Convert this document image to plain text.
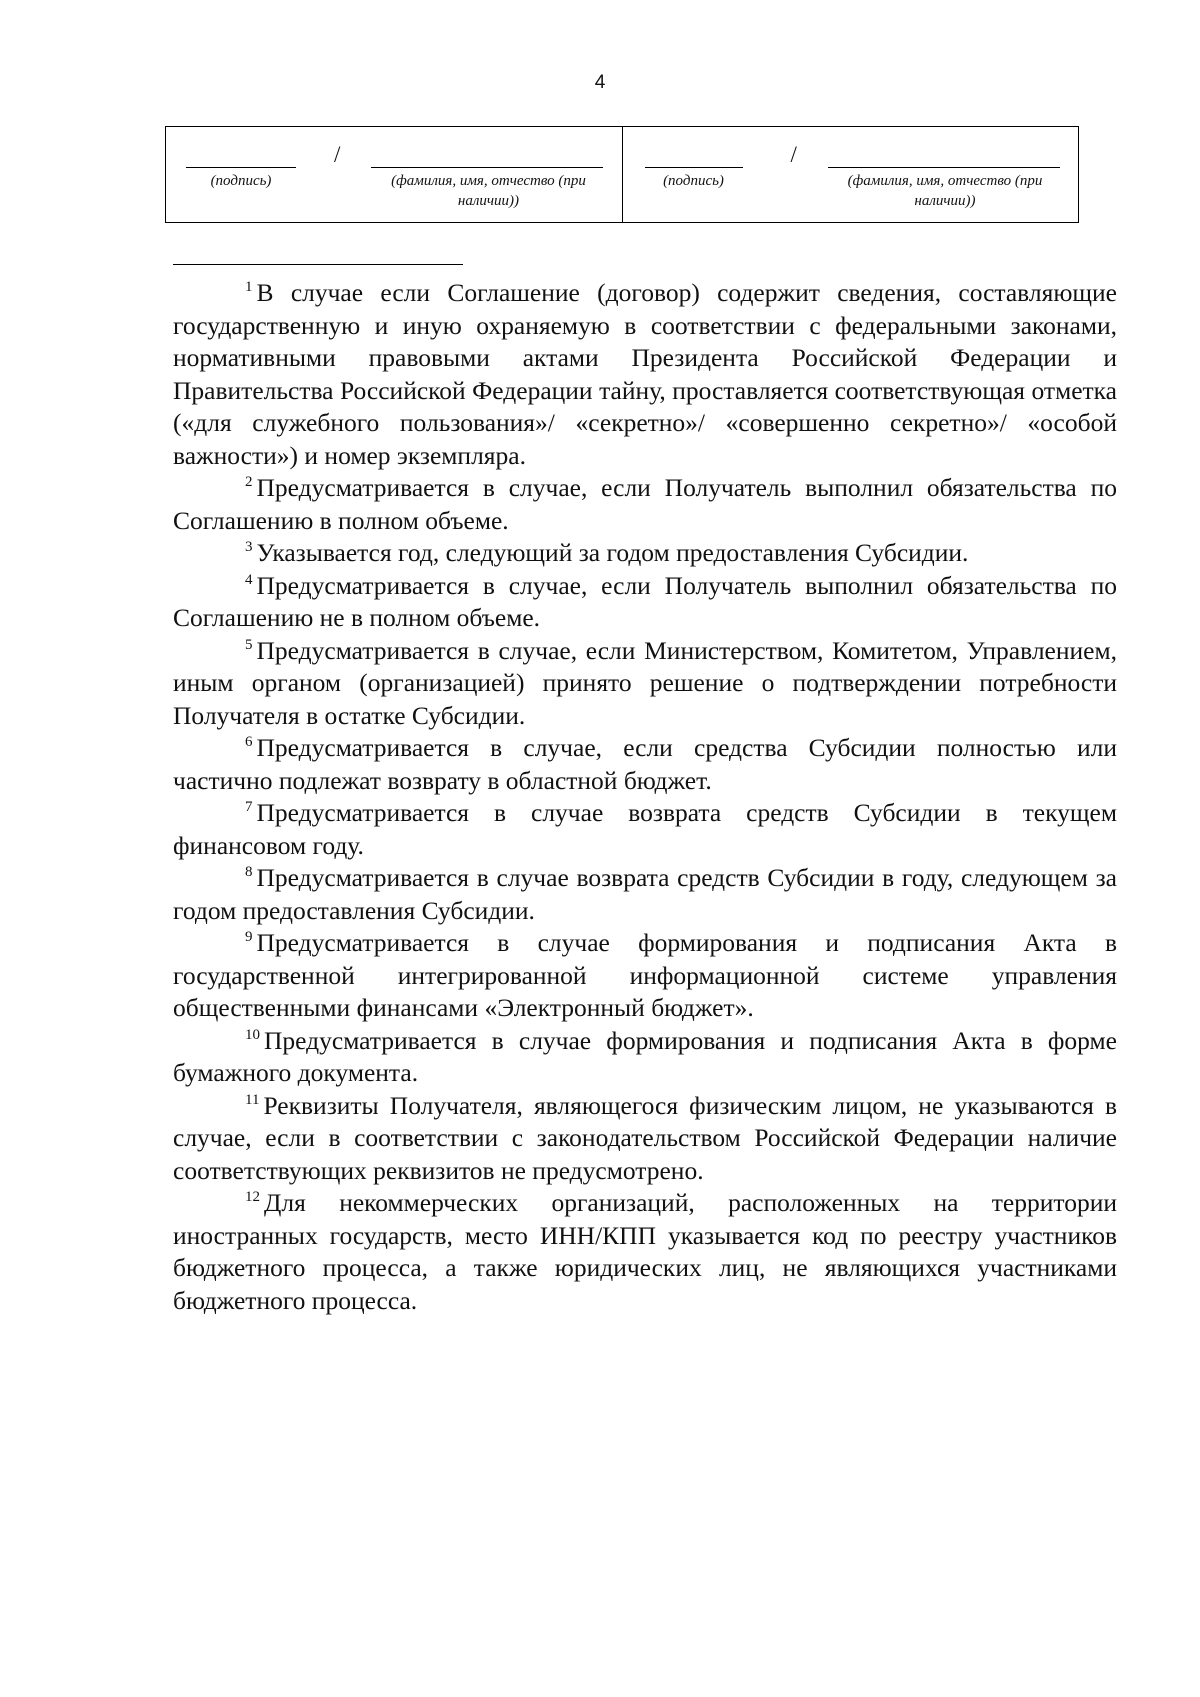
4
/
(подпись)	(фамилия, имя, отчество (при наличии))
/
(подпись)	(фамилия, имя, отчество (при наличии))

$^1$ В случае если Соглашение (договор) содержит сведения, составляющие государственную и иную охраняемую в соответствии с федеральными законами, нормативными правовыми актами Президента Российской Федерации и Правительства Российской Федерации тайну, проставляется соответствующая отметка («для служебного пользования»/ «секретно»/ «совершенно секретно»/ «особой важности») и номер экземпляра.

$^2$ Предусматривается в случае, если Получатель выполнил обязательства по Соглашению в полном объеме.

$^3$ Указывается год, следующий за годом предоставления Субсидии.

$^4$ Предусматривается в случае, если Получатель выполнил обязательства по Соглашению не в полном объеме.

$^5$ Предусматривается в случае, если Министерством, Комитетом, Управлением, иным органом (организацией) принято решение о подтверждении потребности Получателя в остатке Субсидии.

$^6$ Предусматривается в случае, если средства Субсидии полностью или частично подлежат возврату в областной бюджет.

$^7$ Предусматривается в случае возврата средств Субсидии в текущем финансовом году.

$^8$ Предусматривается в случае возврата средств Субсидии в году, следующем за годом предоставления Субсидии.

$^9$ Предусматривается в случае формирования и подписания Акта в государственной интегрированной информационной системе управления общественными финансами «Электронный бюджет».

$^{10}$ Предусматривается в случае формирования и подписания Акта в форме бумажного документа.

$^{11}$ Реквизиты Получателя, являющегося физическим лицом, не указываются в случае, если в соответствии с законодательством Российской Федерации наличие соответствующих реквизитов не предусмотрено.

$^{12}$ Для некоммерческих организаций, расположенных на территории иностранных государств, место ИНН/КПП указывается код по реестру участников бюджетного процесса, а также юридических лиц, не являющихся участниками бюджетного процесса.
